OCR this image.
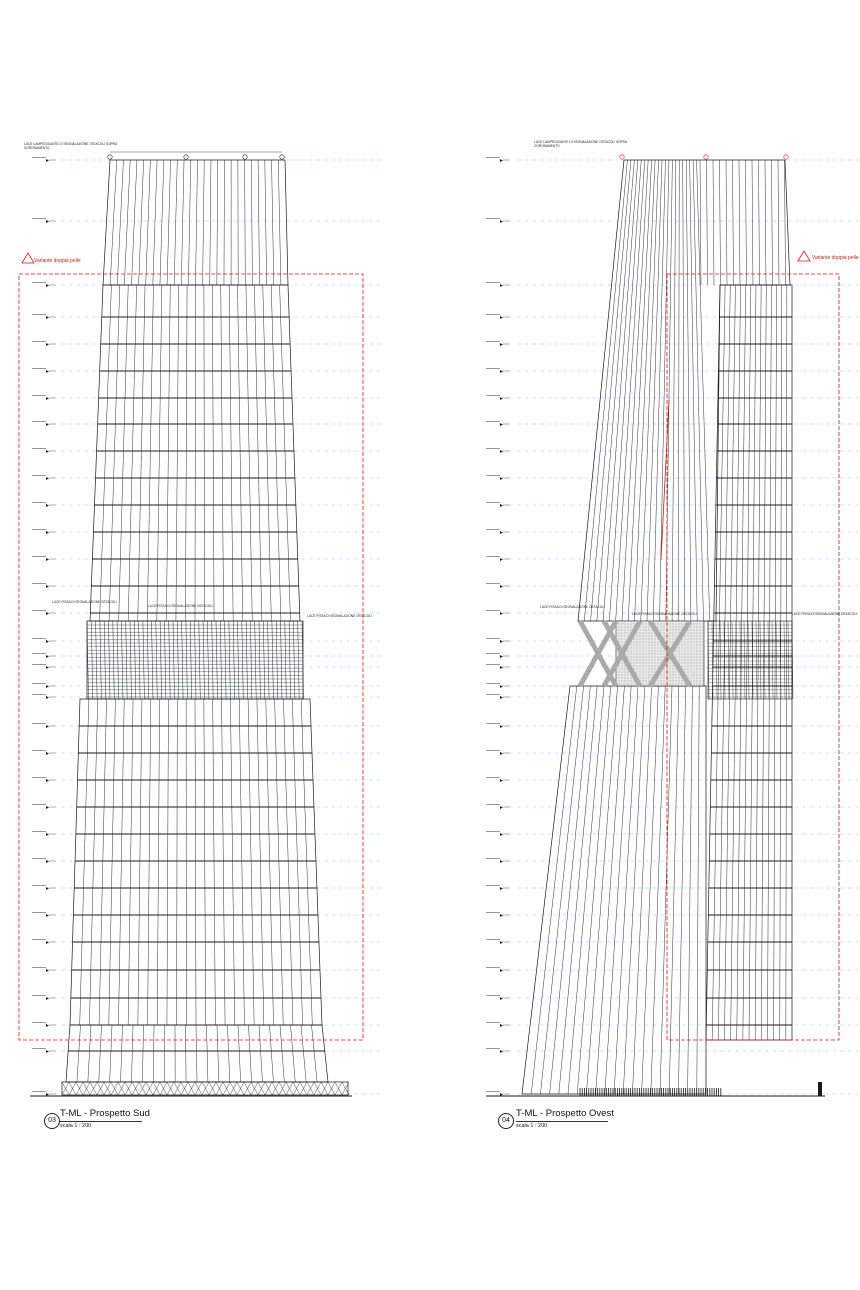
Variante doppia pelle	Variante doppia pelle
LUCE LAMPEGGIANTE DI SEGNALAZIONE OSTACOLI SOPRA CORONAMENTO
LUCE LAMPEGGIANTE DI SEGNALAZIONE OSTACOLI SOPRA CORONAMENTO
LUCE FISSA DI SEGNALAZIONE OSTACOLI
LUCE FISSA DI SEGNALAZIONE OSTACOLI
LUCE FISSA DI SEGNALAZIONE OSTACOLI
LUCE FISSA DI SEGNALAZIONE OSTACOLI
LUCE FISSA DI SEGNALAZIONE OSTACOLI	LUCE FISSA DI SEGNALAZIONE OSTACOLI
03
T-ML - Prospetto Sud
scala 1 : 200
04
T-ML - Prospetto Ovest
scala 1 : 200
